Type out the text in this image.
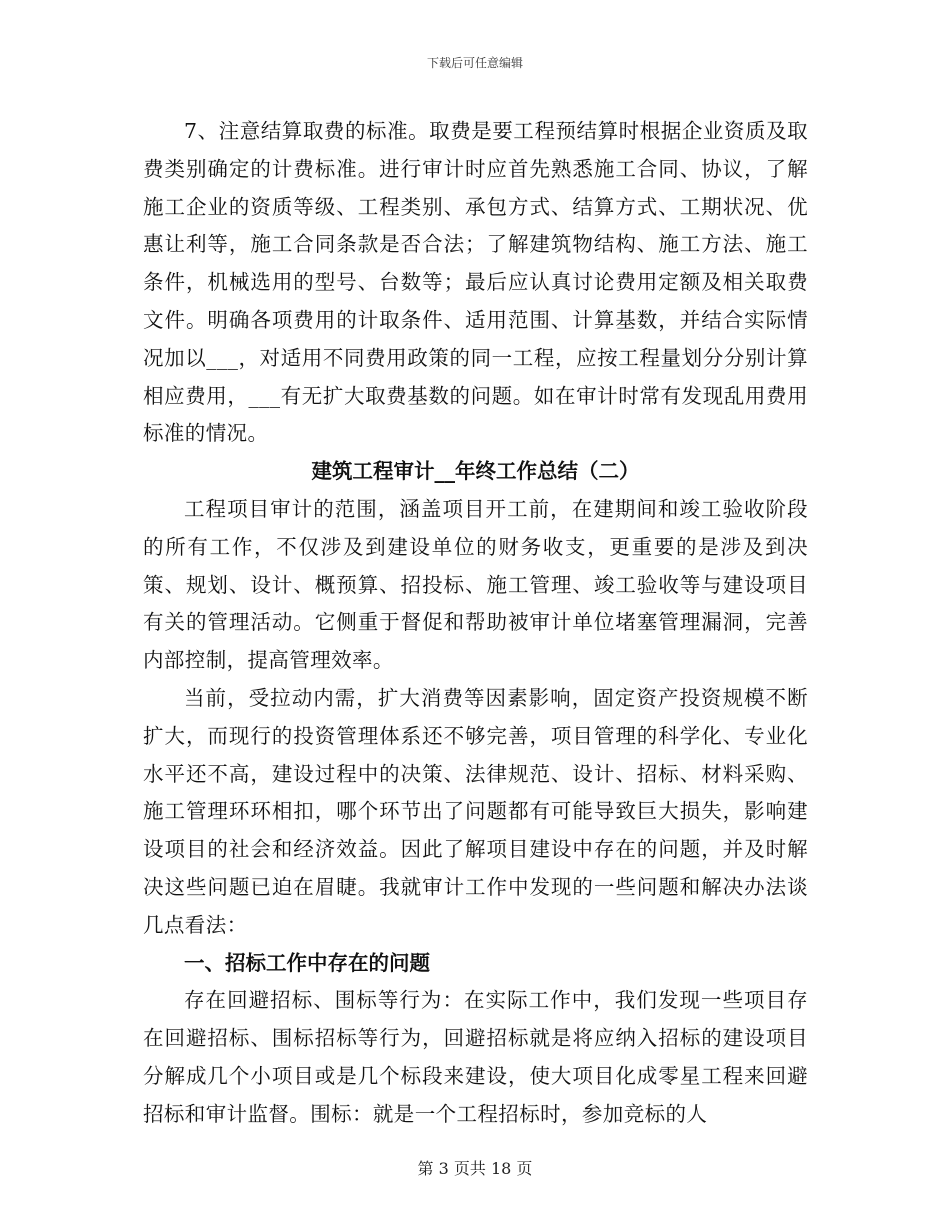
下载后可任意编辑

7、注意结算取费的标准。取费是要工程预结算时根据企业资质及取费类别确定的计费标准。进行审计时应首先熟悉施工合同、协议，了解施工企业的资质等级、工程类别、承包方式、结算方式、工期状况、优惠让利等，施工合同条款是否合法；了解建筑物结构、施工方法、施工条件，机械选用的型号、台数等；最后应认真讨论费用定额及相关取费文件。明确各项费用的计取条件、适用范围、计算基数，并结合实际情况加以___，对适用不同费用政策的同一工程，应按工程量划分分别计算相应费用，___有无扩大取费基数的问题。如在审计时常有发现乱用费用标准的情况。

建筑工程审计__年终工作总结（二）

工程项目审计的范围，涵盖项目开工前，在建期间和竣工验收阶段的所有工作，不仅涉及到建设单位的财务收支，更重要的是涉及到决策、规划、设计、概预算、招投标、施工管理、竣工验收等与建设项目有关的管理活动。它侧重于督促和帮助被审计单位堵塞管理漏洞，完善内部控制，提高管理效率。

当前，受拉动内需，扩大消费等因素影响，固定资产投资规模不断扩大，而现行的投资管理体系还不够完善，项目管理的科学化、专业化水平还不高，建设过程中的决策、法律规范、设计、招标、材料采购、施工管理环环相扣，哪个环节出了问题都有可能导致巨大损失，影响建设项目的社会和经济效益。因此了解项目建设中存在的问题，并及时解决这些问题已迫在眉睫。我就审计工作中发现的一些问题和解决办法谈几点看法：

一、招标工作中存在的问题

存在回避招标、围标等行为：在实际工作中，我们发现一些项目存在回避招标、围标招标等行为，回避招标就是将应纳入招标的建设项目分解成几个小项目或是几个标段来建设，使大项目化成零星工程来回避招标和审计监督。围标：就是一个工程招标时，参加竞标的人

第 3 页共 18 页
